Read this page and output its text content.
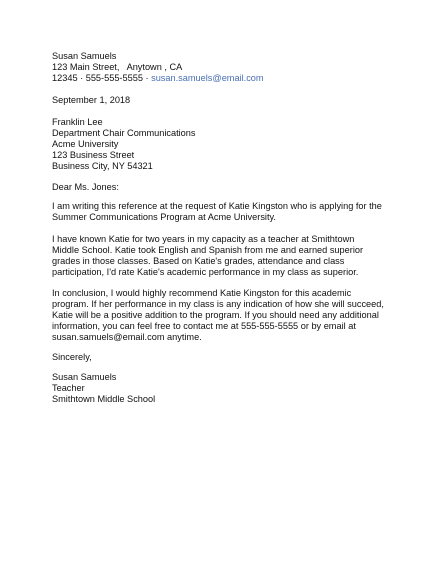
Susan Samuels
123 Main Street,   Anytown , CA
12345 · 555-555-5555 · susan.samuels@email.com
September 1, 2018
Franklin Lee
Department Chair Communications
Acme University
123 Business Street
Business City, NY 54321
Dear Ms. Jones:
I am writing this reference at the request of Katie Kingston who is applying for the
Summer Communications Program at Acme University.
I have known Katie for two years in my capacity as a teacher at Smithtown
Middle School. Katie took English and Spanish from me and earned superior
grades in those classes. Based on Katie's grades, attendance and class
participation, I'd rate Katie's academic performance in my class as superior.
In conclusion, I would highly recommend Katie Kingston for this academic
program. If her performance in my class is any indication of how she will succeed,
Katie will be a positive addition to the program. If you should need any additional
information, you can feel free to contact me at 555-555-5555 or by email at
susan.samuels@email.com anytime.
Sincerely,
Susan Samuels
Teacher
Smithtown Middle School
